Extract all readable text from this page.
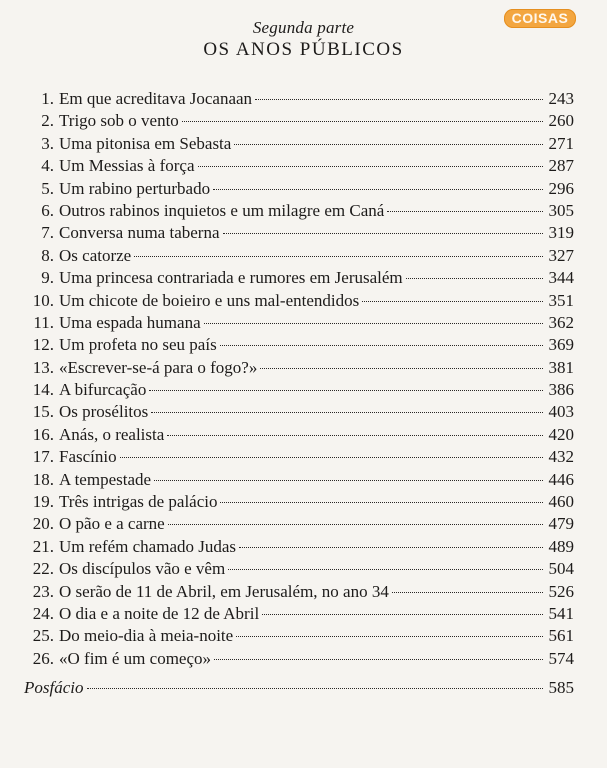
COISAS
Segunda parte
OS ANOS PÚBLICOS
1. Em que acreditava Jocanaan	243
2. Trigo sob o vento	260
3. Uma pitonisa em Sebasta	271
4. Um Messias à força	287
5. Um rabino perturbado	296
6. Outros rabinos inquietos e um milagre em Caná	305
7. Conversa numa taberna	319
8. Os catorze	327
9. Uma princesa contrariada e rumores em Jerusalém	344
10. Um chicote de boieiro e uns mal-entendidos	351
11. Uma espada humana	362
12. Um profeta no seu país	369
13. «Escrever-se-á para o fogo?»	381
14. A bifurcação	386
15. Os prosélitos	403
16. Anás, o realista	420
17. Fascínio	432
18. A tempestade	446
19. Três intrigas de palácio	460
20. O pão e a carne	479
21. Um refém chamado Judas	489
22. Os discípulos vão e vêm	504
23. O serão de 11 de Abril, em Jerusalém, no ano 34	526
24. O dia e a noite de 12 de Abril	541
25. Do meio-dia à meia-noite	561
26. «O fim é um começo»	574
Posfácio	585
